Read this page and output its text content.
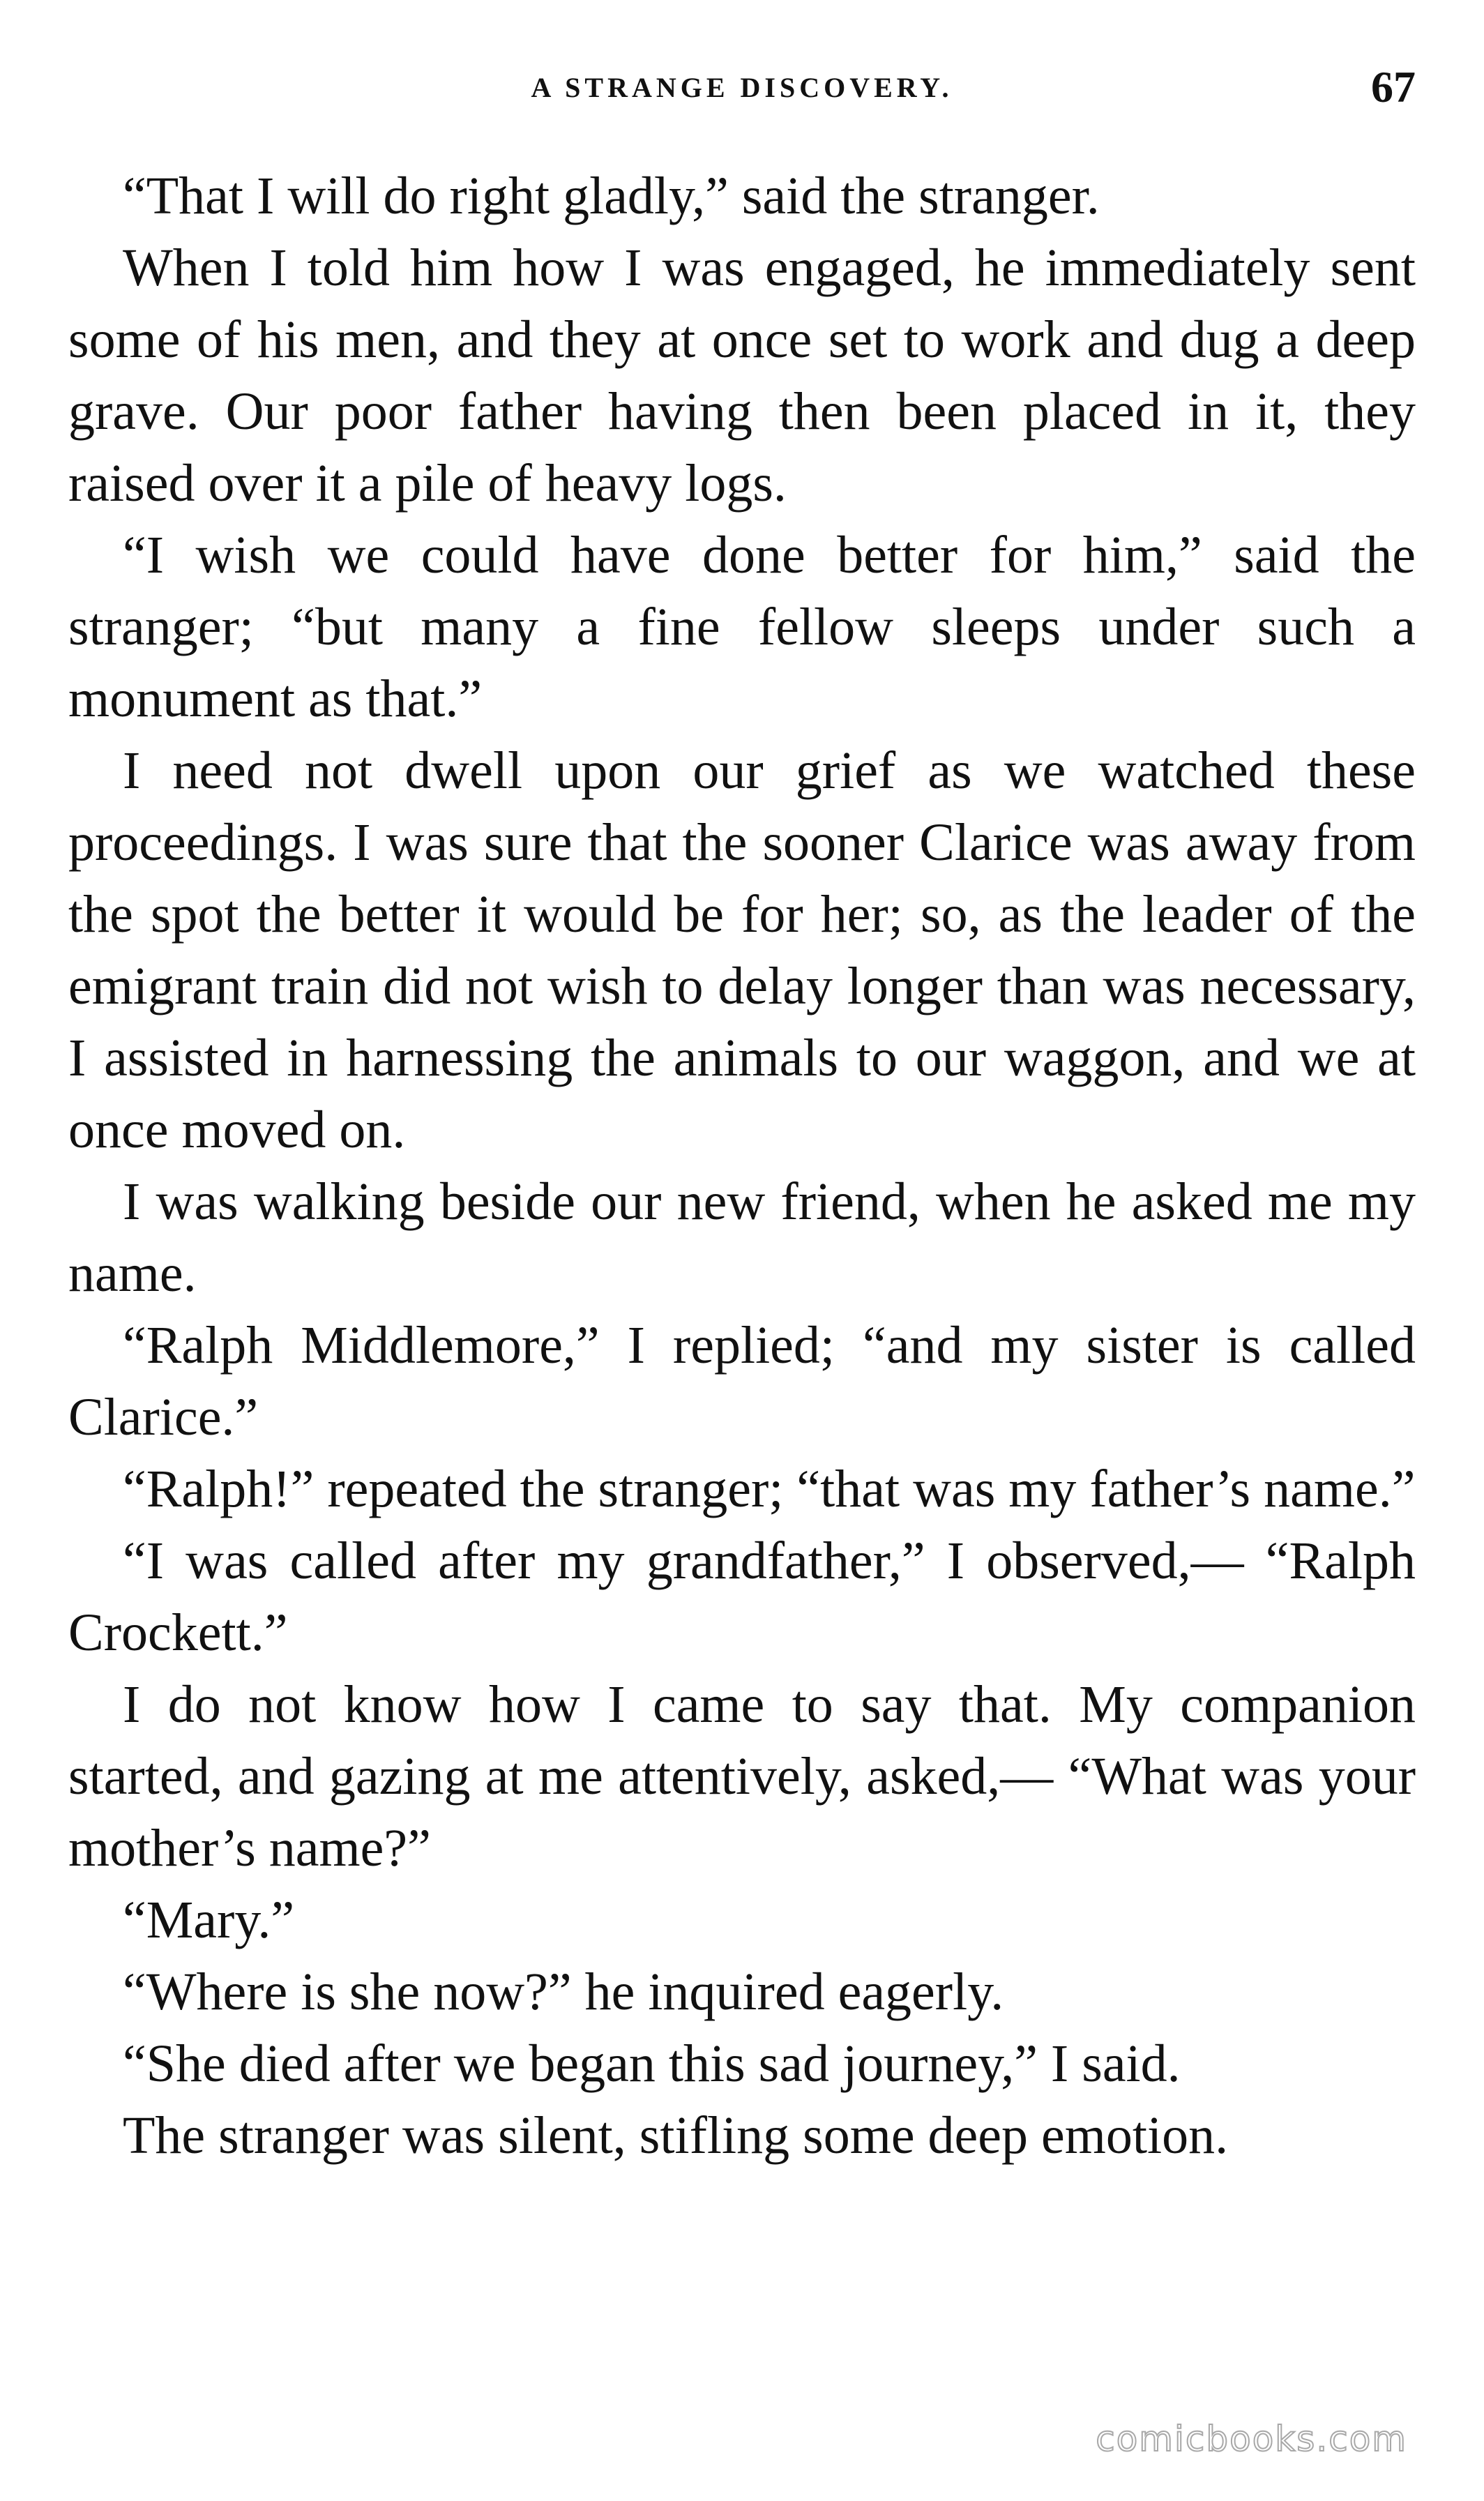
A STRANGE DISCOVERY.	67

“That I will do right gladly,” said the stranger.

When I told him how I was engaged, he immediately sent some of his men, and they at once set to work and dug a deep grave. Our poor father having then been placed in it, they raised over it a pile of heavy logs.

“I wish we could have done better for him,” said the stranger; “but many a fine fellow sleeps under such a monument as that.”

I need not dwell upon our grief as we watched these proceedings. I was sure that the sooner Clarice was away from the spot the better it would be for her; so, as the leader of the emigrant train did not wish to delay longer than was necessary, I assisted in harnessing the animals to our waggon, and we at once moved on.

I was walking beside our new friend, when he asked me my name.

“Ralph Middlemore,” I replied; “and my sister is called Clarice.”

“Ralph!” repeated the stranger; “that was my father’s name.”

“I was called after my grandfather,” I observed,— “Ralph Crockett.”

I do not know how I came to say that. My companion started, and gazing at me attentively, asked,— “What was your mother’s name?”

“Mary.”

“Where is she now?” he inquired eagerly.

“She died after we began this sad journey,” I said.

The stranger was silent, stifling some deep emotion.

comicbooks.com
